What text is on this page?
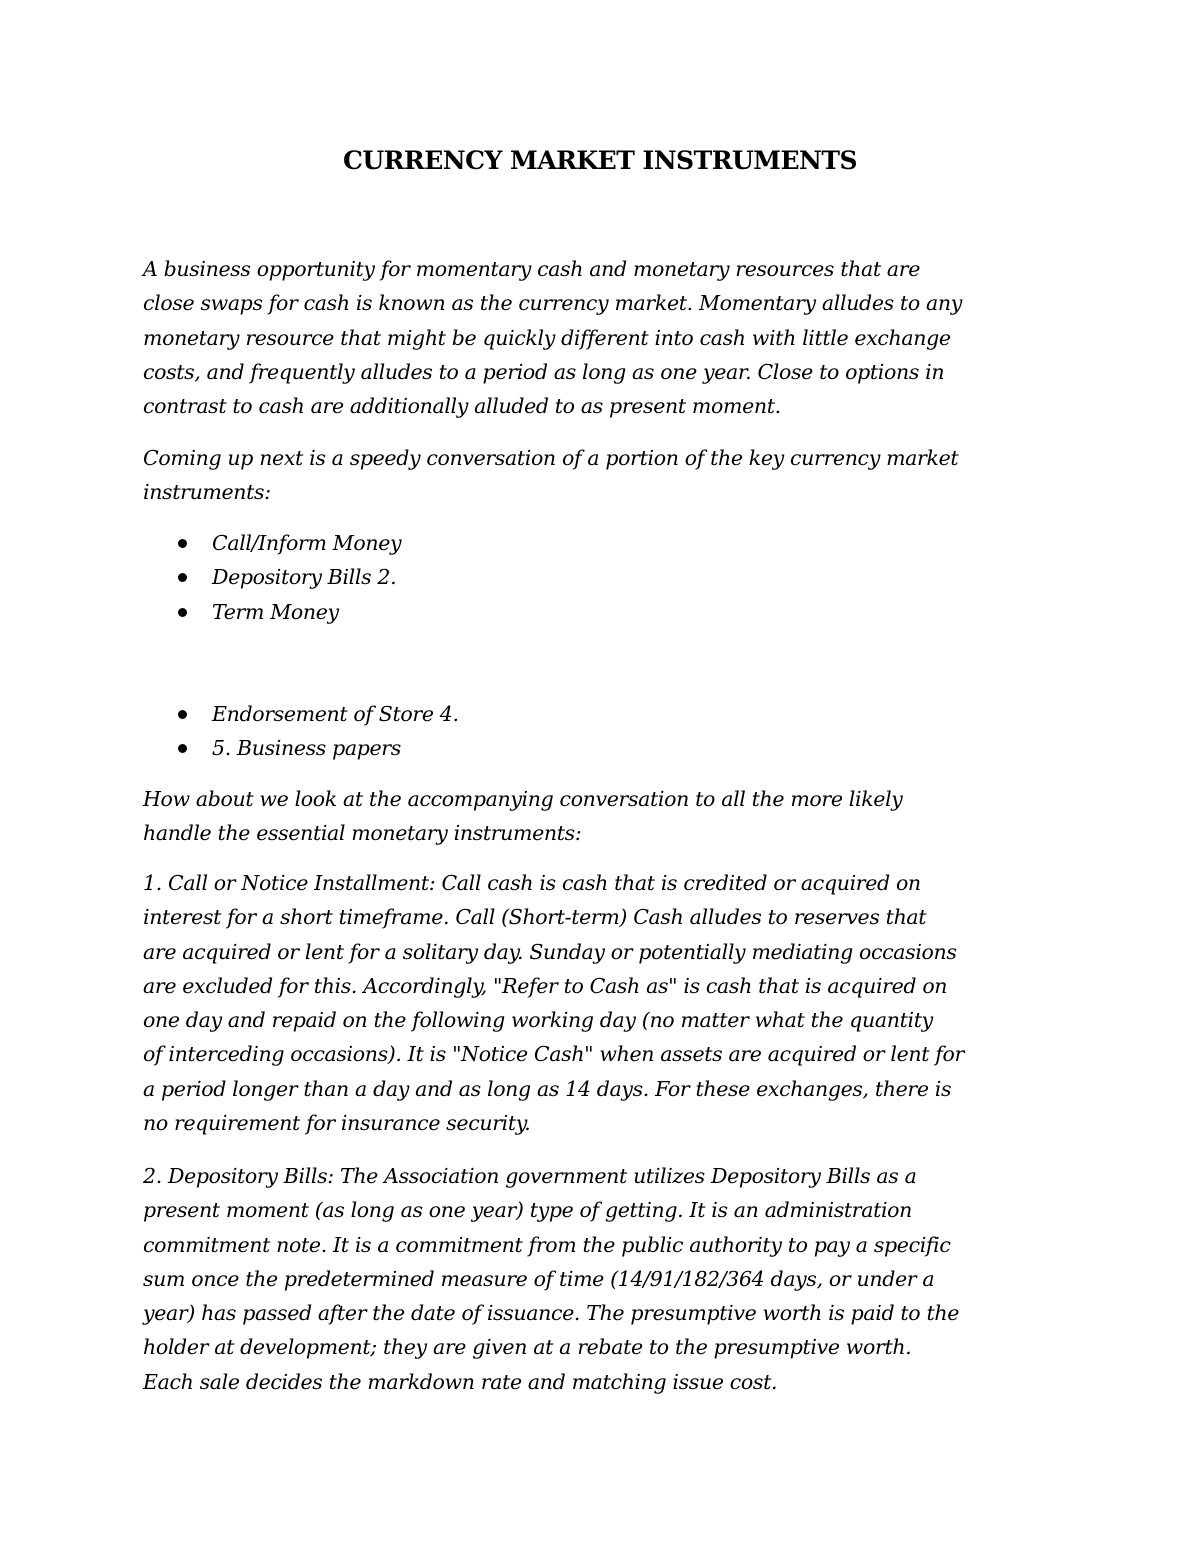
CURRENCY MARKET INSTRUMENTS
A business opportunity for momentary cash and monetary resources that are
close swaps for cash is known as the currency market. Momentary alludes to any
monetary resource that might be quickly different into cash with little exchange
costs, and frequently alludes to a period as long as one year. Close to options in
contrast to cash are additionally alluded to as present moment.
Coming up next is a speedy conversation of a portion of the key currency market
instruments:
Call/Inform Money
Depository Bills 2.
Term Money
Endorsement of Store 4.
5. Business papers
How about we look at the accompanying conversation to all the more likely
handle the essential monetary instruments:
1. Call or Notice Installment: Call cash is cash that is credited or acquired on
interest for a short timeframe. Call (Short-term) Cash alludes to reserves that
are acquired or lent for a solitary day. Sunday or potentially mediating occasions
are excluded for this. Accordingly, "Refer to Cash as" is cash that is acquired on
one day and repaid on the following working day (no matter what the quantity
of interceding occasions). It is "Notice Cash" when assets are acquired or lent for
a period longer than a day and as long as 14 days. For these exchanges, there is
no requirement for insurance security.
2. Depository Bills: The Association government utilizes Depository Bills as a
present moment (as long as one year) type of getting. It is an administration
commitment note. It is a commitment from the public authority to pay a specific
sum once the predetermined measure of time (14/91/182/364 days, or under a
year) has passed after the date of issuance. The presumptive worth is paid to the
holder at development; they are given at a rebate to the presumptive worth.
Each sale decides the markdown rate and matching issue cost.
